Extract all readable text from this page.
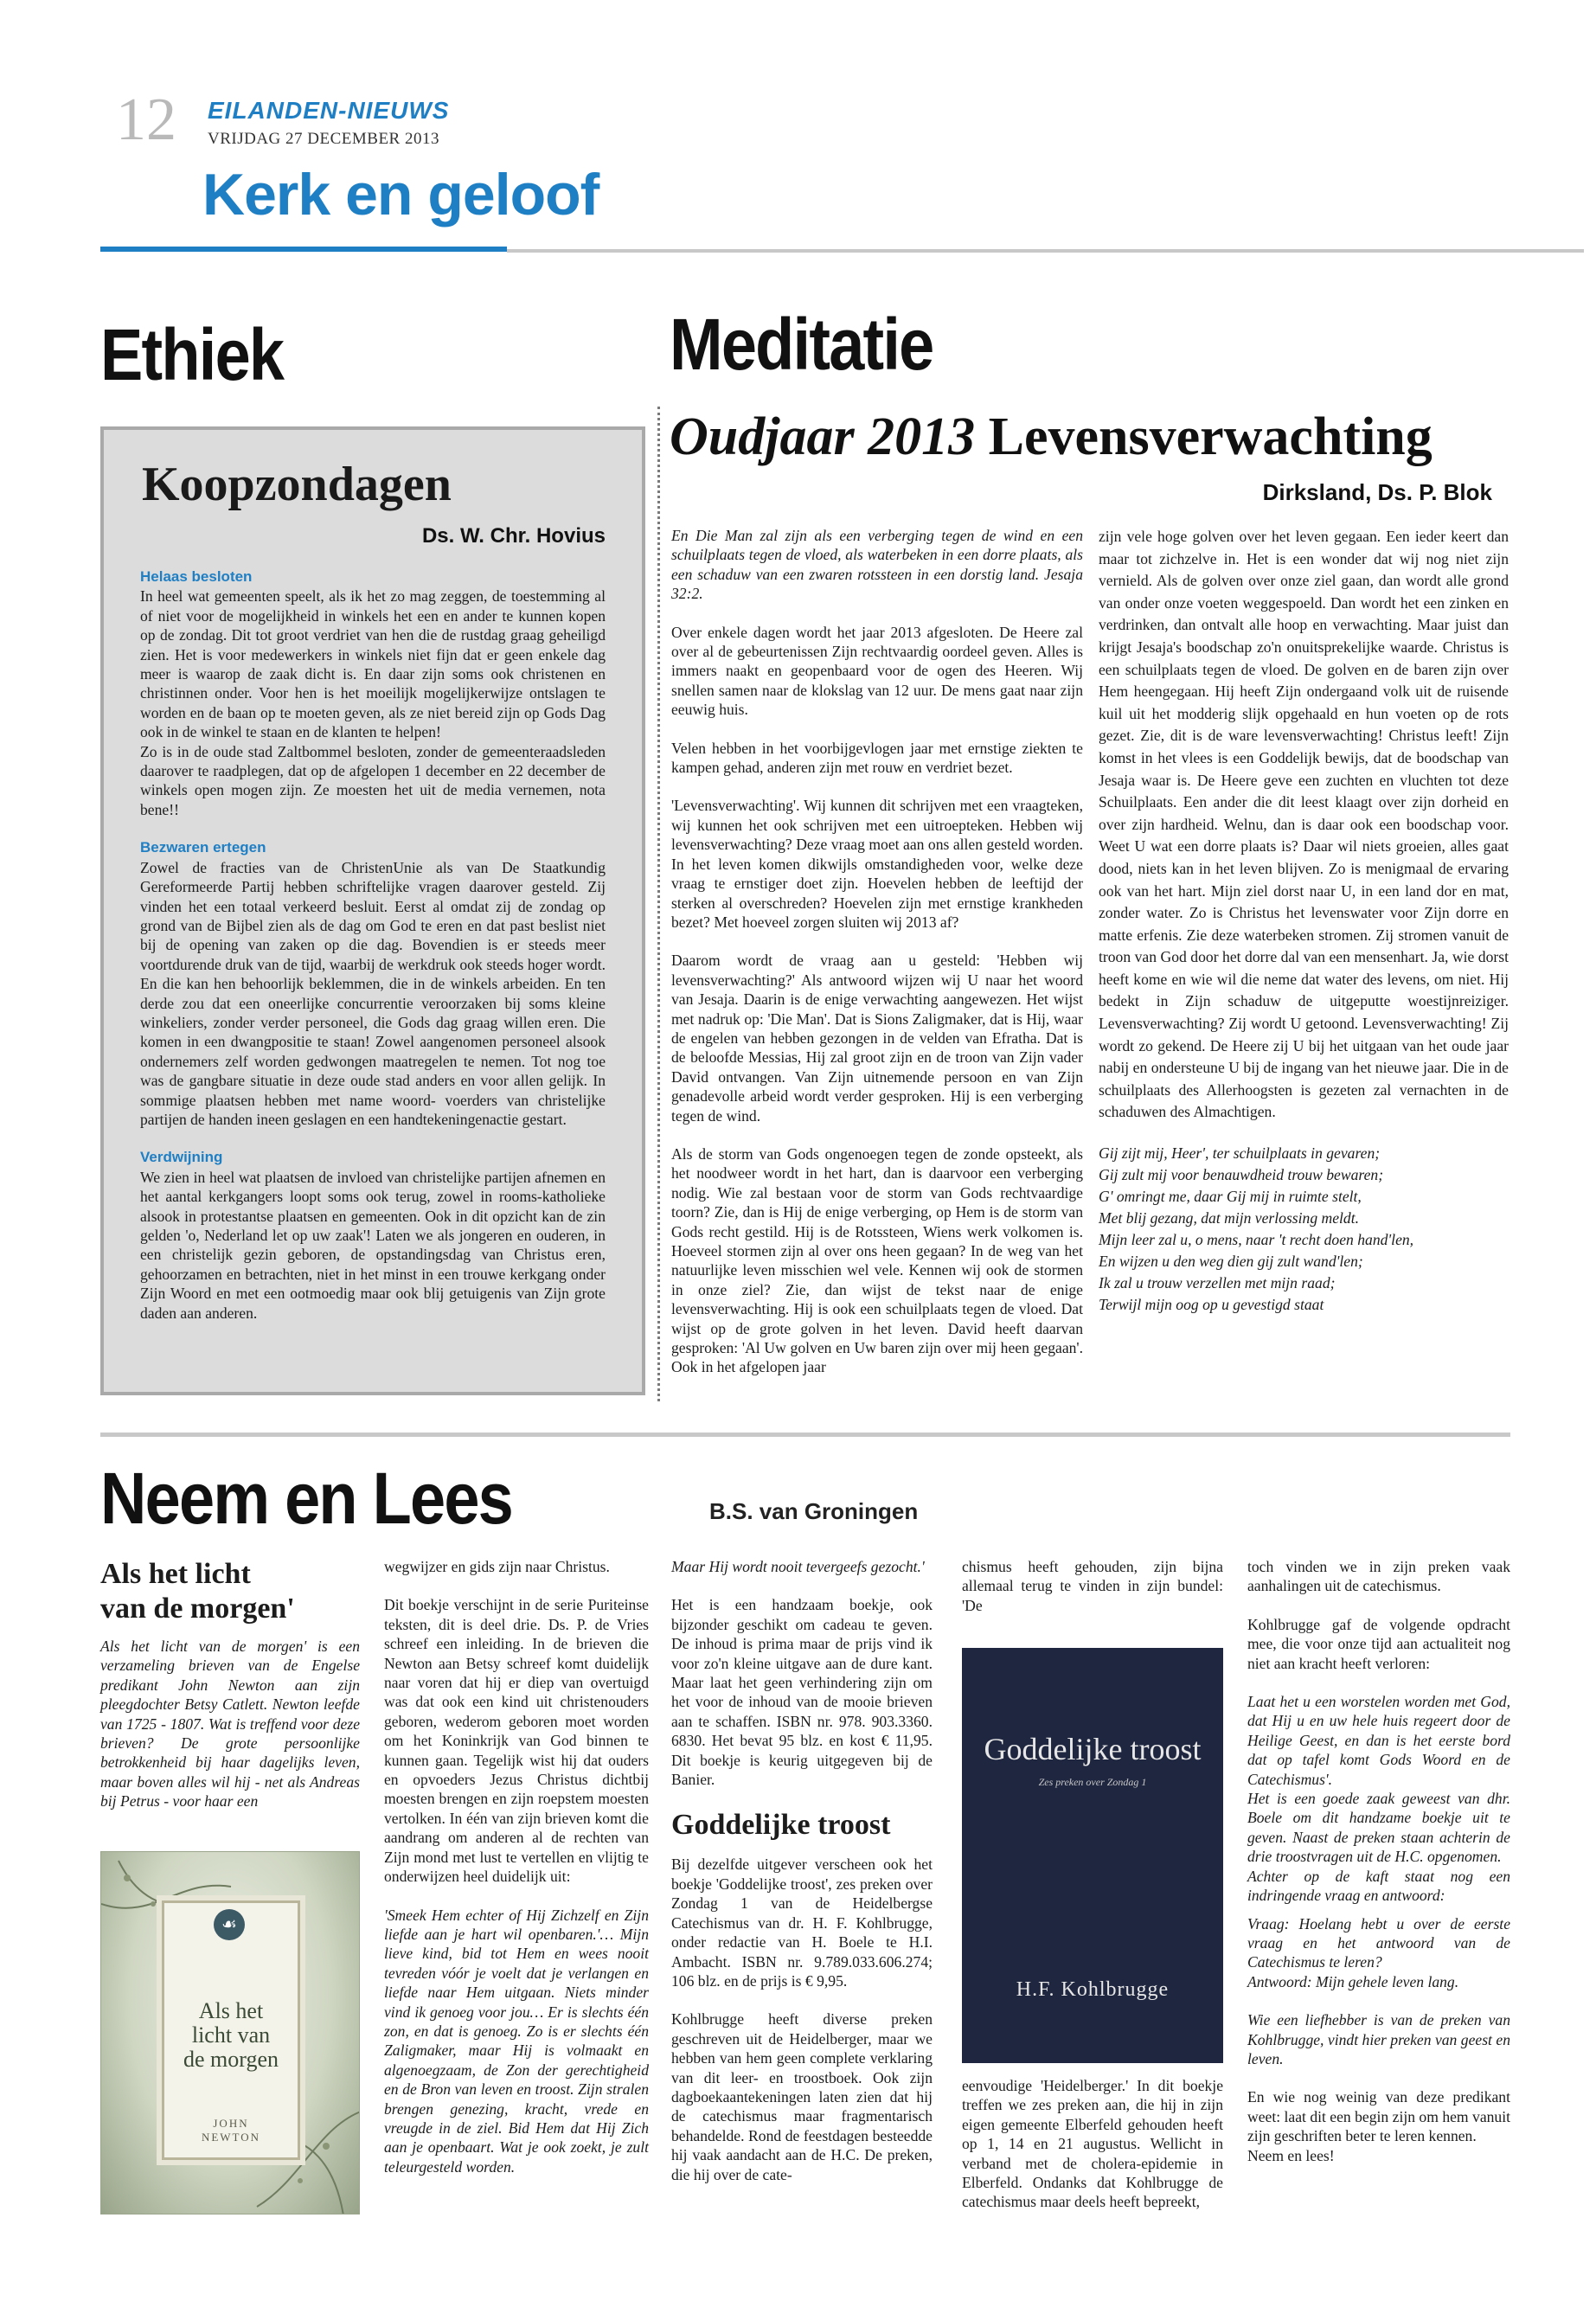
12 EILANDEN-NIEUWS
VRIJDAG 27 DECEMBER 2013
Kerk en geloof
Ethiek
Koopzondagen
Ds. W. Chr. Hovius
Helaas besloten

In heel wat gemeenten speelt, als ik het zo mag zeggen, de toestemming al of niet voor de mogelijkheid in winkels het een en ander te kunnen kopen op de zondag. Dit tot groot verdriet van hen die de rustdag graag geheiligd zien. Het is voor medewerkers in winkels niet fijn dat er geen enkele dag meer is waarop de zaak dicht is. En daar zijn soms ook christenen en christinnen onder. Voor hen is het moeilijk mogelijkerwijze ontslagen te worden en de baan op te moeten geven, als ze niet bereid zijn op Gods Dag ook in de winkel te staan en de klanten te helpen!

Zo is in de oude stad Zaltbommel besloten, zonder de gemeenteraadsleden daarover te raadplegen, dat op de afgelopen 1 december en 22 december de winkels open mogen zijn. Ze moesten het uit de media vernemen, nota bene!!

Bezwaren ertegen

Zowel de fracties van de ChristenUnie als van De Staatkundig Gereformeerde Partij hebben schriftelijke vragen daarover gesteld. Zij vinden het een totaal verkeerd besluit. Eerst al omdat zij de zondag op grond van de Bijbel zien als de dag om God te eren en dat past beslist niet bij de opening van zaken op die dag. Bovendien is er steeds meer voortdurende druk van de tijd, waarbij de werkdruk ook steeds hoger wordt. En die kan hen behoorlijk beklemmen, die in de winkels arbeiden. En ten derde zou dat een oneerlijke concurrentie veroorzaken bij soms kleine winkeliers, zonder verder personeel, die Gods dag graag willen eren. Die komen in een dwangpositie te staan! Zowel aangenomen personeel alsook ondernemers zelf worden gedwongen maatregelen te nemen. Tot nog toe was de gangbare situatie in deze oude stad anders en voor allen gelijk. In sommige plaatsen hebben met name woord- voerders van christelijke partijen de handen ineen geslagen en een handtekeningenactie gestart.

Verdwijning

We zien in heel wat plaatsen de invloed van christelijke partijen afnemen en het aantal kerkgangers loopt soms ook terug, zowel in rooms-katholieke alsook in protestantse plaatsen en gemeenten. Ook in dit opzicht kan de zin gelden 'o, Nederland let op uw zaak'! Laten we als jongeren en ouderen, in een christelijk gezin geboren, de opstandingsdag van Christus eren, gehoorzamen en betrachten, niet in het minst in een trouwe kerkgang onder Zijn Woord en met een ootmoedig maar ook blij getuigenis van Zijn grote daden aan anderen.

Meditatie
Oudjaar 2013 Levensverwachting
Dirksland, Ds. P. Blok

En Die Man zal zijn als een verberging tegen de wind en een schuilplaats tegen de vloed, als waterbeken in een dorre plaats, als een schaduw van een zwaren rotssteen in een dorstig land. Jesaja 32:2.

Over enkele dagen wordt het jaar 2013 afgesloten. De Heere zal over al de gebeurtenissen Zijn rechtvaardig oordeel geven. Alles is immers naakt en geopenbaard voor de ogen des Heeren. Wij snellen samen naar de klokslag van 12 uur. De mens gaat naar zijn eeuwig huis.

Velen hebben in het voorbijgevlogen jaar met ernstige ziekten te kampen gehad, anderen zijn met rouw en verdriet bezet.

'Levensverwachting'. Wij kunnen dit schrijven met een vraagteken, wij kunnen het ook schrijven met een uitroepteken. Hebben wij levensverwachting? Deze vraag moet aan ons allen gesteld worden. In het leven komen dikwijls omstandigheden voor, welke deze vraag te ernstiger doet zijn. Hoevelen hebben de leeftijd der sterken al overschreden? Hoevelen zijn met ernstige krankheden bezet? Met hoeveel zorgen sluiten wij 2013 af?

Daarom wordt de vraag aan u gesteld: 'Hebben wij levensverwachting?' Als antwoord wijzen wij U naar het woord van Jesaja. Daarin is de enige verwachting aangewezen. Het wijst met nadruk op: 'Die Man'. Dat is Sions Zaligmaker, dat is Hij, waar de engelen van hebben gezongen in de velden van Efratha. Dat is de beloofde Messias, Hij zal groot zijn en de troon van Zijn vader David ontvangen. Van Zijn uitnemende persoon en van Zijn genadevolle arbeid wordt verder gesproken. Hij is een verberging tegen de wind.

Als de storm van Gods ongenoegen tegen de zonde opsteekt, als het noodweer wordt in het hart, dan is daarvoor een verberging nodig. Wie zal bestaan voor de storm van Gods rechtvaardige toorn? Zie, dan is Hij de enige verberging, op Hem is de storm van Gods recht gestild. Hij is de Rotssteen, Wiens werk volkomen is. Hoeveel stormen zijn al over ons heen gegaan? In de weg van het natuurlijke leven misschien wel vele. Kennen wij ook de stormen in onze ziel? Zie, dan wijst de tekst naar de enige levensverwachting. Hij is ook een schuilplaats tegen de vloed. Dat wijst op de grote golven in het leven. David heeft daarvan gesproken: 'Al Uw golven en Uw baren zijn over mij heen gegaan'. Ook in het afgelopen jaar

zijn vele hoge golven over het leven gegaan. Een ieder keert dan maar tot zichzelve in. Het is een wonder dat wij nog niet zijn vernield. Als de golven over onze ziel gaan, dan wordt alle grond van onder onze voeten weggespoeld. Dan wordt het een zinken en verdrinken, dan ontvalt alle hoop en verwachting. Maar juist dan krijgt Jesaja's boodschap zo'n onuitsprekelijke waarde. Christus is een schuilplaats tegen de vloed. De golven en de baren zijn over Hem heengegaan. Hij heeft Zijn ondergaand volk uit de ruisende kuil uit het modderig slijk opgehaald en hun voeten op de rots gezet. Zie, dit is de ware levensverwachting! Christus leeft! Zijn komst in het vlees is een Goddelijk bewijs, dat de boodschap van Jesaja waar is. De Heere geve een zuchten en vluchten tot deze Schuilplaats. Een ander die dit leest klaagt over zijn dorheid en over zijn hardheid. Welnu, dan is daar ook een boodschap voor. Weet U wat een dorre plaats is? Daar wil niets groeien, alles gaat dood, niets kan in het leven blijven. Zo is menigmaal de ervaring ook van het hart. Mijn ziel dorst naar U, in een land dor en mat, zonder water. Zo is Christus het levenswater voor Zijn dorre en matte erfenis. Zie deze waterbeken stromen. Zij stromen vanuit de troon van God door het dorre dal van een mensenhart. Ja, wie dorst heeft kome en wie wil die neme dat water des levens, om niet. Hij bedekt in Zijn schaduw de uitgeputte woestijnreiziger. Levensverwachting? Zij wordt U getoond. Levensverwachting! Zij wordt zo gekend. De Heere zij U bij het uitgaan van het oude jaar nabij en ondersteune U bij de ingang van het nieuwe jaar. Die in de schuilplaats des Allerhoogsten is gezeten zal vernachten in de schaduwen des Almachtigen.

Gij zijt mij, Heer', ter schuilplaats in gevaren;
Gij zult mij voor benauwdheid trouw bewaren;
G' omringt me, daar Gij mij in ruimte stelt,
Met blij gezang, dat mijn verlossing meldt.
Mijn leer zal u, o mens, naar 't recht doen hand'len,
En wijzen u den weg dien gij zult wand'len;
Ik zal u trouw verzellen met mijn raad;
Terwijl mijn oog op u gevestigd staat

Neem en Lees	B.S. van Groningen
Als het licht
van de morgen'

Als het licht van de morgen' is een verzameling brieven van de Engelse predikant John Newton aan zijn pleegdochter Betsy Catlett. Newton leefde van 1725 - 1807. Wat is treffend voor deze brieven? De grote persoonlijke betrokkenheid bij haar dagelijks leven, maar boven alles wil hij - net als Andreas bij Petrus - voor haar een

☙
Als het
licht van
de morgen
JOHN
NEWTON

wegwijzer en gids zijn naar Christus.

Dit boekje verschijnt in de serie Puriteinse teksten, dit is deel drie. Ds. P. de Vries schreef een inleiding. In de brieven die Newton aan Betsy schreef komt duidelijk naar voren dat hij er diep van overtuigd was dat ook een kind uit christenouders geboren, wederom geboren moet worden om het Koninkrijk van God binnen te kunnen gaan. Tegelijk wist hij dat ouders en opvoeders Jezus Christus dichtbij moesten brengen en zijn roepstem moesten vertolken. In één van zijn brieven komt die aandrang om anderen al de rechten van Zijn mond met lust te vertellen en vlijtig te onderwijzen heel duidelijk uit:

'Smeek Hem echter of Hij Zichzelf en Zijn liefde aan je hart wil openbaren.'… Mijn lieve kind, bid tot Hem en wees nooit tevreden vóór je voelt dat je verlangen en liefde naar Hem uitgaan. Niets minder vind ik genoeg voor jou… Er is slechts één zon, en dat is genoeg. Zo is er slechts één Zaligmaker, maar Hij is volmaakt en algenoegzaam, de Zon der gerechtigheid en de Bron van leven en troost. Zijn stralen brengen genezing, kracht, vrede en vreugde in de ziel. Bid Hem dat Hij Zich aan je openbaart. Wat je ook zoekt, je zult teleurgesteld worden.

Maar Hij wordt nooit tevergeefs gezocht.'

Het is een handzaam boekje, ook bijzonder geschikt om cadeau te geven. De inhoud is prima maar de prijs vind ik voor zo'n kleine uitgave aan de dure kant. Maar laat het geen verhindering zijn om het voor de inhoud van de mooie brieven aan te schaffen. ISBN nr. 978. 903.3360. 6830. Het bevat 95 blz. en kost € 11,95. Dit boekje is keurig uitgegeven bij de Banier.

Goddelijke troost

Bij dezelfde uitgever verscheen ook het boekje 'Goddelijke troost', zes preken over Zondag 1 van de Heidelbergse Catechismus van dr. H. F. Kohlbrugge, onder redactie van H. Boele te H.I. Ambacht. ISBN nr. 9.789.033.606.274; 106 blz. en de prijs is € 9,95.

Kohlbrugge heeft diverse preken geschreven uit de Heidelberger, maar we hebben van hem geen complete verklaring van dit leer- en troostboek. Ook zijn dagboekaantekeningen laten zien dat hij de catechismus maar fragmentarisch behandelde. Rond de feestdagen besteedde hij vaak aandacht aan de H.C. De preken, die hij over de cate-

chismus heeft gehouden, zijn bijna allemaal terug te vinden in zijn bundel: 'De

Goddelijke troost
Zes preken over Zondag 1
H.F. Kohlbrugge

eenvoudige 'Heidelberger.' In dit boekje treffen we zes preken aan, die hij in zijn eigen gemeente Elberfeld gehouden heeft op 1, 14 en 21 augustus. Wellicht in verband met de cholera-epidemie in Elberfeld. Ondanks dat Kohlbrugge de catechismus maar deels heeft bepreekt,

toch vinden we in zijn preken vaak aanhalingen uit de catechismus.

Kohlbrugge gaf de volgende opdracht mee, die voor onze tijd aan actualiteit nog niet aan kracht heeft verloren:

Laat het u een worstelen worden met God, dat Hij u en uw hele huis regeert door de Heilige Geest, en dan is het eerste bord dat op tafel komt Gods Woord en de Catechismus'.
Het is een goede zaak geweest van dhr. Boele om dit handzame boekje uit te geven. Naast de preken staan achterin de drie troostvragen uit de H.C. opgenomen.
Achter op de kaft staat nog een indringende vraag en antwoord:

Vraag: Hoelang hebt u over de eerste vraag en het antwoord van de Catechismus te leren?
Antwoord: Mijn gehele leven lang.

Wie een liefhebber is van de preken van Kohlbrugge, vindt hier preken van geest en leven.

En wie nog weinig van deze predikant weet: laat dit een begin zijn om hem vanuit zijn geschriften beter te leren kennen.
Neem en lees!
